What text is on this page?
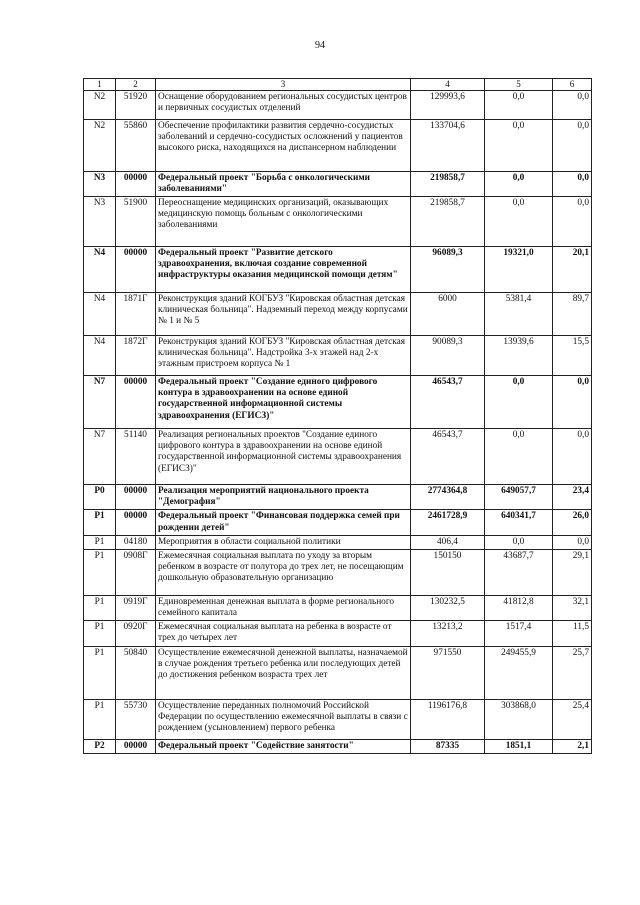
94
1	2	3	4	5	6
N2	51920	Оснащение оборудованием региональных сосудистых центров и первичных сосудистых отделений	129993,6	0,0	0,0
N2	55860	Обеспечение профилактики развития сердечно-сосудистых заболеваний и сердечно-сосудистых осложнений у пациентов высокого риска, находящихся на диспансерном наблюдении	133704,6	0,0	0,0
N3	00000	Федеральный проект "Борьба с онкологическими заболеваниями"	219858,7	0,0	0,0
N3	51900	Переоснащение медицинских организаций, оказывающих медицинскую помощь больным с онкологическими заболеваниями	219858,7	0,0	0,0
N4	00000	Федеральный проект "Развитие детского здравоохранения, включая создание современной инфраструктуры оказания медицинской помощи детям"	96089,3	19321,0	20,1
N4	1871Г	Реконструкция зданий КОГБУЗ "Кировская областная детская клиническая больница". Надземный переход между корпусами № 1 и № 5	6000	5381,4	89,7
N4	1872Г	Реконструкция зданий КОГБУЗ "Кировская областная детская клиническая больница". Надстройка 3-х этажей над 2-х этажным пристроем корпуса № 1	90089,3	13939,6	15,5
N7	00000	Федеральный проект "Создание единого цифрового контура в здравоохранении на основе единой государственной информационной системы здравоохранения (ЕГИСЗ)"	46543,7	0,0	0,0
N7	51140	Реализация региональных проектов "Создание единого цифрового контура в здравоохранении на основе единой государственной информационной системы здравоохранения (ЕГИСЗ)"	46543,7	0,0	0,0
P0	00000	Реализация мероприятий национального проекта "Демография"	2774364,8	649057,7	23,4
P1	00000	Федеральный проект "Финансовая поддержка семей при рождении детей"	2461728,9	640341,7	26,0
P1	04180	Мероприятия в области социальной политики	406,4	0,0	0,0
P1	0908Г	Ежемесячная социальная выплата по уходу за вторым ребенком в возрасте от полутора до трех лет, не посещающим дошкольную образовательную организацию	150150	43687,7	29,1
P1	0919Г	Единовременная денежная выплата в форме регионального семейного капитала	130232,5	41812,8	32,1
P1	0920Г	Ежемесячная социальная выплата на ребенка в возрасте от трех до четырех лет	13213,2	1517,4	11,5
P1	50840	Осуществление ежемесячной денежной выплаты, назначаемой в случае рождения третьего ребенка или последующих детей до достижения ребенком возраста трех лет	971550	249455,9	25,7
P1	55730	Осуществление переданных полномочий Российской Федерации по осуществлению ежемесячной выплаты в связи с рождением (усыновлением) первого ребенка	1196176,8	303868,0	25,4
P2	00000	Федеральный проект "Содействие занятости"	87335	1851,1	2,1
